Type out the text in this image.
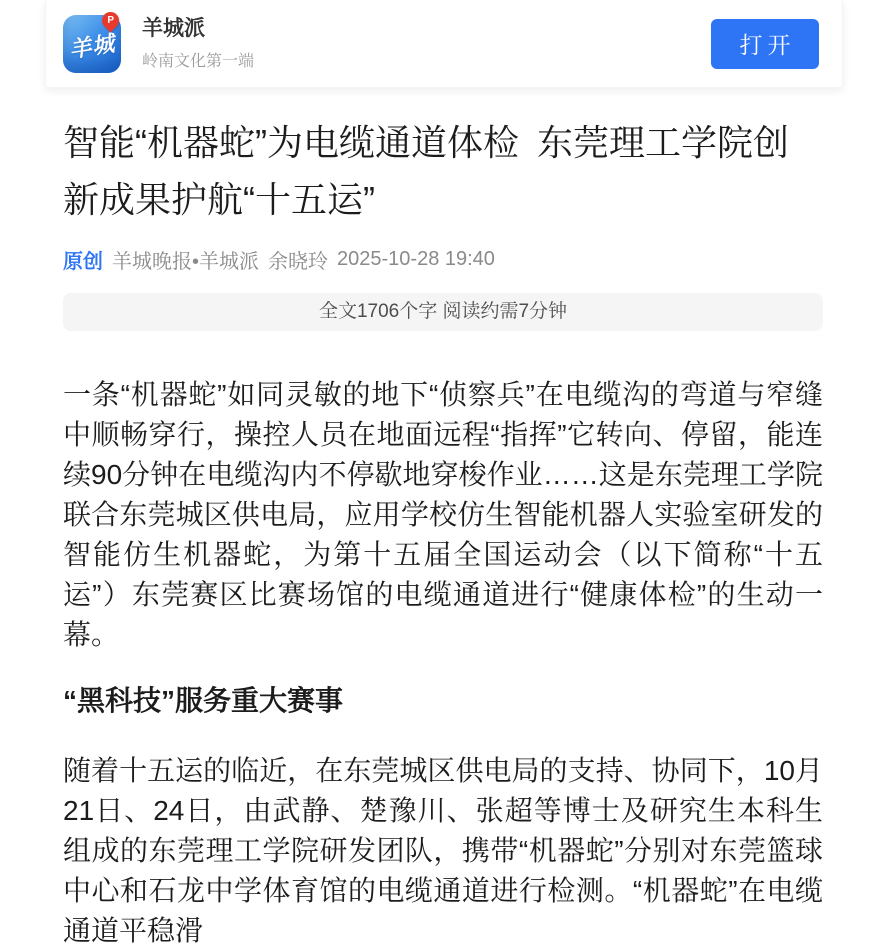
羊城
P 羊城派
岭南文化第一端
打开
智能“机器蛇”为电缆通道体检 东莞理工学院创新成果护航“十五运”
原创 羊城晚报•羊城派 余晓玲 2025-10-28 19:40
全文1706个字 阅读约需7分钟

一条“机器蛇”如同灵敏的地下“侦察兵”在电缆沟的弯道与窄缝中顺畅穿行，操控人员在地面远程“指挥”它转向、停留，能连续90分钟在电缆沟内不停歇地穿梭作业……这是东莞理工学院联合东莞城区供电局，应用学校仿生智能机器人实验室研发的智能仿生机器蛇，为第十五届全国运动会（以下简称“十五运”）东莞赛区比赛场馆的电缆通道进行“健康体检”的生动一幕。

“黑科技”服务重大赛事

随着十五运的临近，在东莞城区供电局的支持、协同下，10月21日、24日，由武静、楚豫川、张超等博士及研究生本科生组成的东莞理工学院研发团队，携带“机器蛇”分别对东莞篮球中心和石龙中学体育馆的电缆通道进行检测。“机器蛇”在电缆通道平稳滑
